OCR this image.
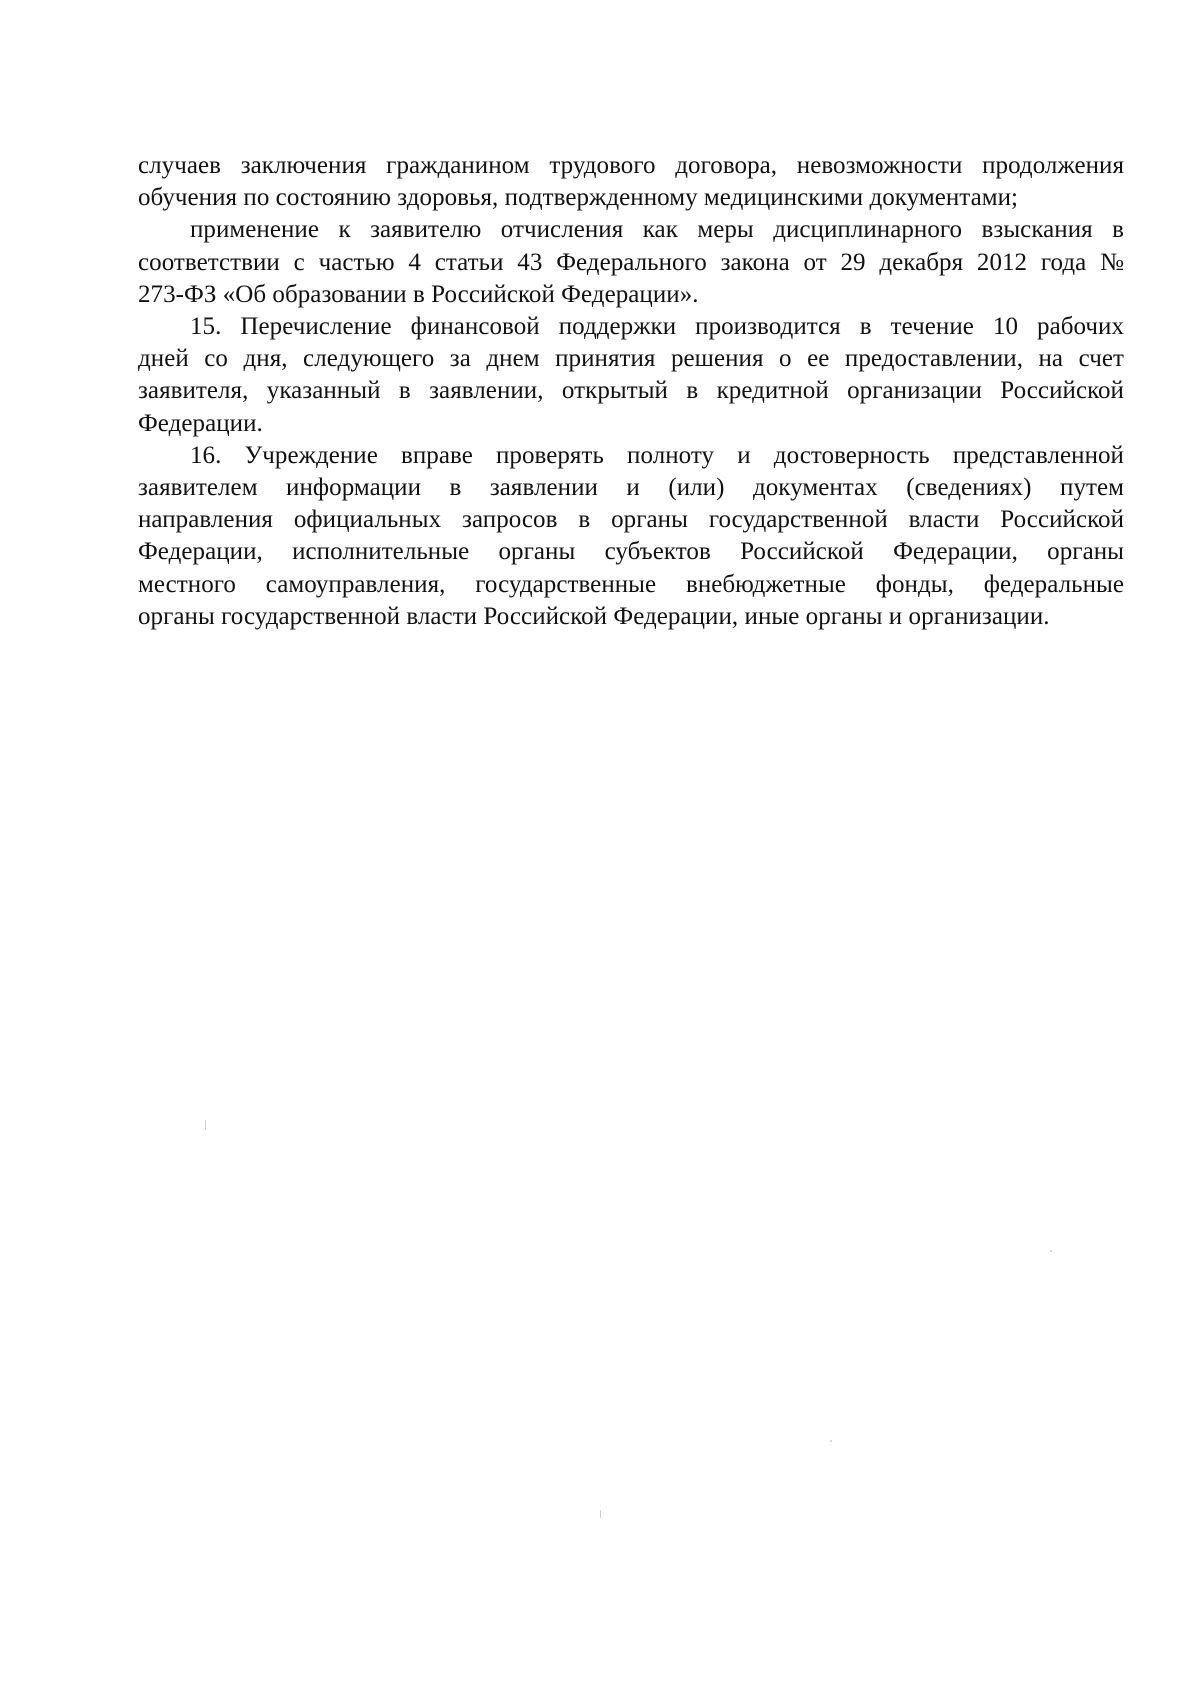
случаев заключения гражданином трудового договора, невозможности продолжения
обучения по состоянию здоровья, подтвержденному медицинскими документами;

применение к заявителю отчисления как меры дисциплинарного взыскания в
соответствии с частью 4 статьи 43 Федерального закона от 29 декабря 2012 года №
273-ФЗ «Об образовании в Российской Федерации».

15. Перечисление финансовой поддержки производится в течение 10 рабочих
дней со дня, следующего за днем принятия решения о ее предоставлении, на счет
заявителя, указанный в заявлении, открытый в кредитной организации Российской
Федерации.

16. Учреждение вправе проверять полноту и достоверность представленной
заявителем информации в заявлении и (или) документах (сведениях) путем
направления официальных запросов в органы государственной власти Российской
Федерации, исполнительные органы субъектов Российской Федерации, органы
местного самоуправления, государственные внебюджетные фонды, федеральные
органы государственной власти Российской Федерации, иные органы и организации.
